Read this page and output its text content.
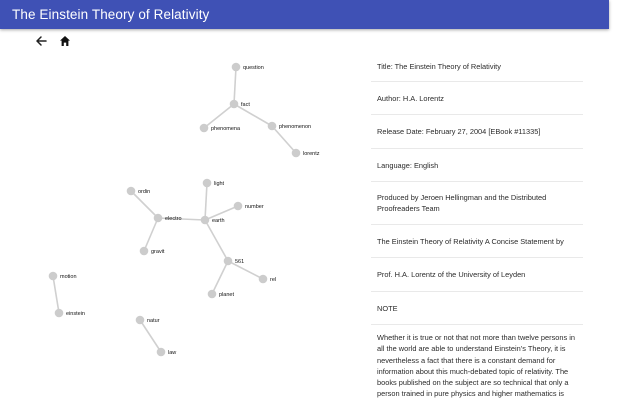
The Einstein Theory of Relativity
question
fact
phenomena	phenomenon
lorentz
light
ordin
number
electro	earth
gravit
561
rel
planet
motion
einstein
natur
law
Title: The Einstein Theory of Relativity
Author: H.A. Lorentz
Release Date: February 27, 2004 [EBook #11335]
Language: English
Produced by Jeroen Hellingman and the Distributed Proofreaders Team
The Einstein Theory of Relativity A Concise Statement by
Prof. H.A. Lorentz of the University of Leyden
NOTE
Whether it is true or not that not more than twelve persons in all the world are able to understand Einstein's Theory, it is nevertheless a fact that there is a constant demand for information about this much-debated topic of relativity. The books published on the subject are so technical that only a person trained in pure physics and higher mathematics is
